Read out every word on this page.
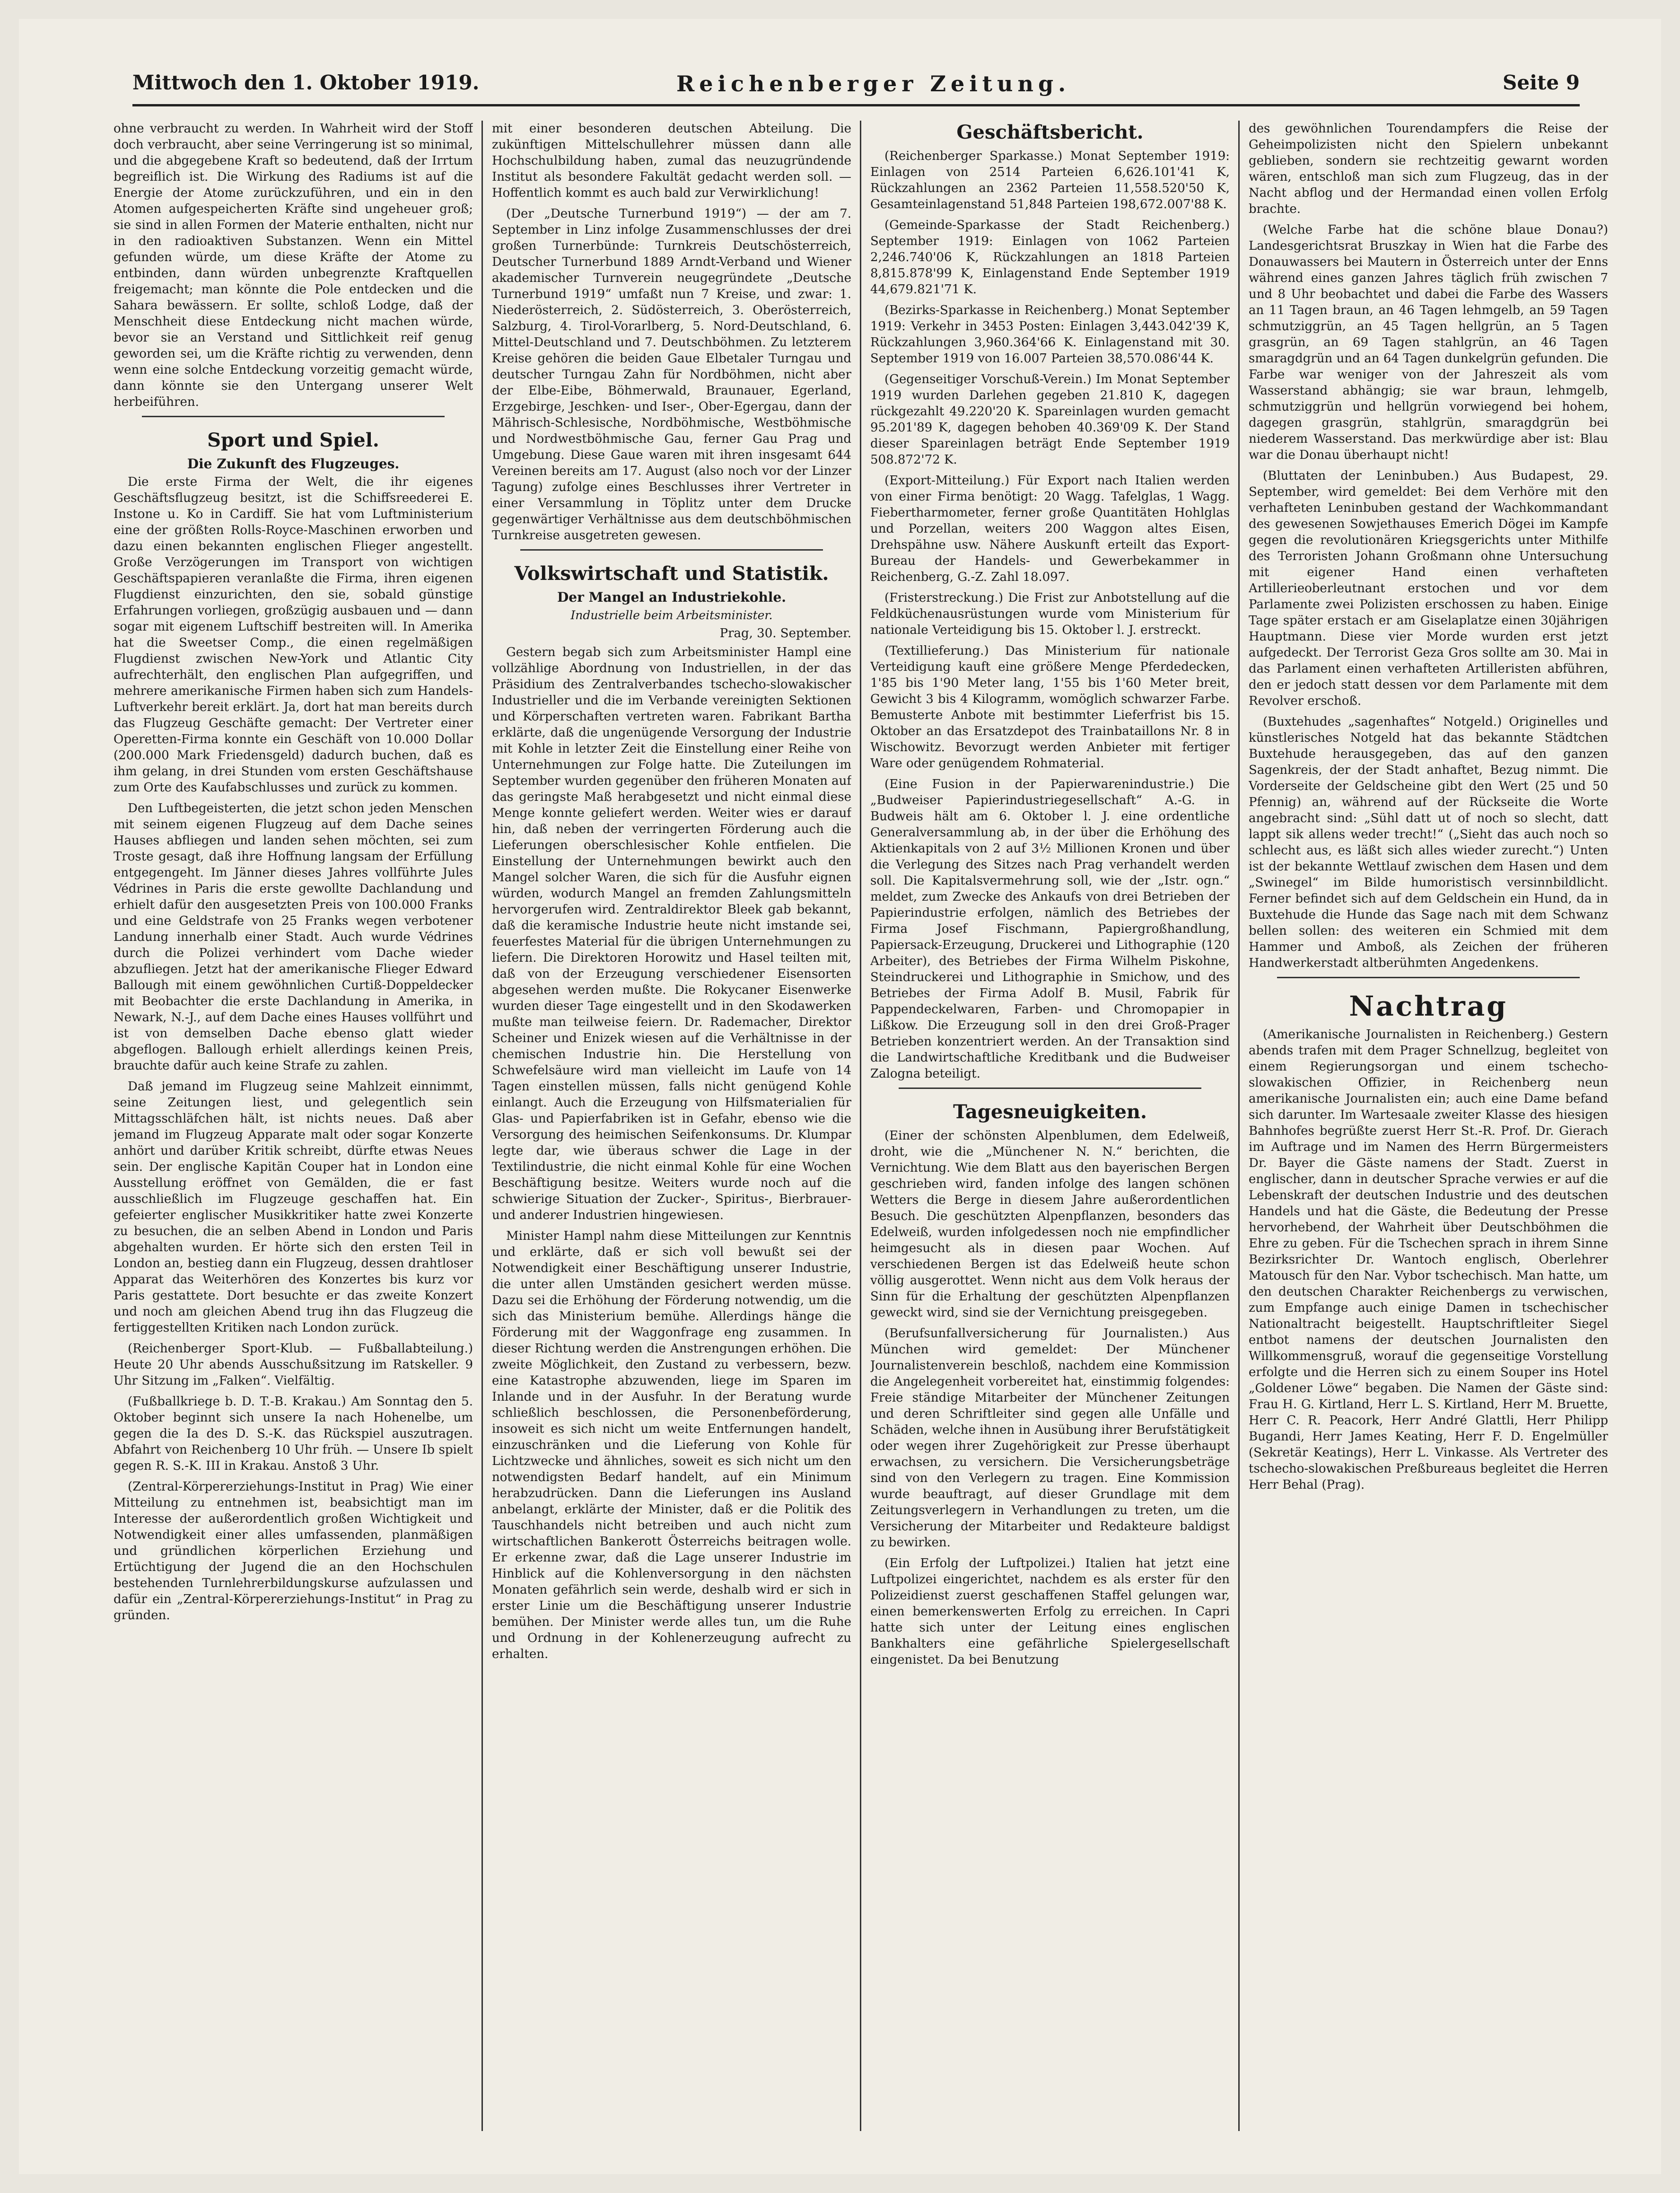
Mittwoch den 1. Oktober 1919.	Reichenberger Zeitung.	Seite 9

ohne verbraucht zu werden. In Wahrheit wird der Stoff doch verbraucht, aber seine Verringerung ist so minimal, und die abgegebene Kraft so bedeutend, daß der Irrtum begreiflich ist. Die Wirkung des Radiums ist auf die Energie der Atome zurückzuführen, und ein in den Atomen aufgespeicherten Kräfte sind ungeheuer groß; sie sind in allen Formen der Materie enthalten, nicht nur in den radioaktiven Substanzen. Wenn ein Mittel gefunden würde, um diese Kräfte der Atome zu entbinden, dann würden unbegrenzte Kraftquellen freigemacht; man könnte die Pole entdecken und die Sahara bewässern. Er sollte, schloß Lodge, daß der Menschheit diese Entdeckung nicht machen würde, bevor sie an Verstand und Sittlichkeit reif genug geworden sei, um die Kräfte richtig zu verwenden, denn wenn eine solche Entdeckung vorzeitig gemacht würde, dann könnte sie den Untergang unserer Welt herbeiführen.

Sport und Spiel.
Die Zukunft des Flugzeuges.

Die erste Firma der Welt, die ihr eigenes Geschäftsflugzeug besitzt, ist die Schiffsreederei E. Instone u. Ko in Cardiff. Sie hat vom Luftministerium eine der größten Rolls-Royce-Maschinen erworben und dazu einen bekannten englischen Flieger angestellt. Große Verzögerungen im Transport von wichtigen Geschäftspapieren veranlaßte die Firma, ihren eigenen Flugdienst einzurichten, den sie, sobald günstige Erfahrungen vorliegen, großzügig ausbauen und — dann sogar mit eigenem Luftschiff bestreiten will. In Amerika hat die Sweetser Comp., die einen regelmäßigen Flugdienst zwischen New-York und Atlantic City aufrechterhält, den englischen Plan aufgegriffen, und mehrere amerikanische Firmen haben sich zum Handels-Luftverkehr bereit erklärt. Ja, dort hat man bereits durch das Flugzeug Geschäfte gemacht: Der Vertreter einer Operetten-Firma konnte ein Geschäft von 10.000 Dollar (200.000 Mark Friedensgeld) dadurch buchen, daß es ihm gelang, in drei Stunden vom ersten Geschäftshause zum Orte des Kaufabschlusses und zurück zu kommen.

Den Luftbegeisterten, die jetzt schon jeden Menschen mit seinem eigenen Flugzeug auf dem Dache seines Hauses abfliegen und landen sehen möchten, sei zum Troste gesagt, daß ihre Hoffnung langsam der Erfüllung entgegengeht. Im Jänner dieses Jahres vollführte Jules Védrines in Paris die erste gewollte Dachlandung und erhielt dafür den ausgesetzten Preis von 100.000 Franks und eine Geldstrafe von 25 Franks wegen verbotener Landung innerhalb einer Stadt. Auch wurde Védrines durch die Polizei verhindert vom Dache wieder abzufliegen. Jetzt hat der amerikanische Flieger Edward Ballough mit einem gewöhnlichen Curtiß-Doppeldecker mit Beobachter die erste Dachlandung in Amerika, in Newark, N.-J., auf dem Dache eines Hauses vollführt und ist von demselben Dache ebenso glatt wieder abgeflogen. Ballough erhielt allerdings keinen Preis, brauchte dafür auch keine Strafe zu zahlen.

Daß jemand im Flugzeug seine Mahlzeit einnimmt, seine Zeitungen liest, und gelegentlich sein Mittagsschläfchen hält, ist nichts neues. Daß aber jemand im Flugzeug Apparate malt oder sogar Konzerte anhört und darüber Kritik schreibt, dürfte etwas Neues sein. Der englische Kapitän Couper hat in London eine Ausstellung eröffnet von Gemälden, die er fast ausschließlich im Flugzeuge geschaffen hat. Ein gefeierter englischer Musikkritiker hatte zwei Konzerte zu besuchen, die an selben Abend in London und Paris abgehalten wurden. Er hörte sich den ersten Teil in London an, bestieg dann ein Flugzeug, dessen drahtloser Apparat das Weiterhören des Konzertes bis kurz vor Paris gestattete. Dort besuchte er das zweite Konzert und noch am gleichen Abend trug ihn das Flugzeug die fertiggestellten Kritiken nach London zurück.

(Reichenberger Sport-Klub. — Fußballabteilung.) Heute 20 Uhr abends Ausschußsitzung im Ratskeller. 9 Uhr Sitzung im „Falken“. Vielfältig.

(Fußballkriege b. D. T.-B. Krakau.) Am Sonntag den 5. Oktober beginnt sich unsere Ia nach Hohenelbe, um gegen die Ia des D. S.-K. das Rückspiel auszutragen. Abfahrt von Reichenberg 10 Uhr früh. — Unsere Ib spielt gegen R. S.-K. III in Krakau. Anstoß 3 Uhr.

(Zentral-Körpererziehungs-Institut in Prag) Wie einer Mitteilung zu entnehmen ist, beabsichtigt man im Interesse der außerordentlich großen Wichtigkeit und Notwendigkeit einer alles umfassenden, planmäßigen und gründlichen körperlichen Erziehung und Ertüchtigung der Jugend die an den Hochschulen bestehenden Turnlehrerbildungskurse aufzulassen und dafür ein „Zentral-Körpererziehungs-Institut“ in Prag zu gründen.

mit einer besonderen deutschen Abteilung. Die zukünftigen Mittelschullehrer müssen dann alle Hochschulbildung haben, zumal das neuzugründende Institut als besondere Fakultät gedacht werden soll. — Hoffentlich kommt es auch bald zur Verwirklichung!

(Der „Deutsche Turnerbund 1919“) — der am 7. September in Linz infolge Zusammenschlusses der drei großen Turnerbünde: Turnkreis Deutschösterreich, Deutscher Turnerbund 1889 Arndt-Verband und Wiener akademischer Turnverein neugegründete „Deutsche Turnerbund 1919“ umfaßt nun 7 Kreise, und zwar: 1. Niederösterreich, 2. Südösterreich, 3. Oberösterreich, Salzburg, 4. Tirol-Vorarlberg, 5. Nord-Deutschland, 6. Mittel-Deutschland und 7. Deutschböhmen. Zu letzterem Kreise gehören die beiden Gaue Elbetaler Turngau und deutscher Turngau Zahn für Nordböhmen, nicht aber der Elbe-Eibe, Böhmerwald, Braunauer, Egerland, Erzgebirge, Jeschken- und Iser-, Ober-Egergau, dann der Mährisch-Schlesische, Nordböhmische, Westböhmische und Nordwestböhmische Gau, ferner Gau Prag und Umgebung. Diese Gaue waren mit ihren insgesamt 644 Vereinen bereits am 17. August (also noch vor der Linzer Tagung) zufolge eines Beschlusses ihrer Vertreter in einer Versammlung in Töplitz unter dem Drucke gegenwärtiger Verhältnisse aus dem deutschböhmischen Turnkreise ausgetreten gewesen.

Volkswirtschaft und Statistik.
Der Mangel an Industriekohle.
Industrielle beim Arbeitsminister.
Prag, 30. September.

Gestern begab sich zum Arbeitsminister Hampl eine vollzählige Abordnung von Industriellen, in der das Präsidium des Zentralverbandes tschecho-slowakischer Industrieller und die im Verbande vereinigten Sektionen und Körperschaften vertreten waren. Fabrikant Bartha erklärte, daß die ungenügende Versorgung der Industrie mit Kohle in letzter Zeit die Einstellung einer Reihe von Unternehmungen zur Folge hatte. Die Zuteilungen im September wurden gegenüber den früheren Monaten auf das geringste Maß herabgesetzt und nicht einmal diese Menge konnte geliefert werden. Weiter wies er darauf hin, daß neben der verringerten Förderung auch die Lieferungen oberschlesischer Kohle entfielen. Die Einstellung der Unternehmungen bewirkt auch den Mangel solcher Waren, die sich für die Ausfuhr eignen würden, wodurch Mangel an fremden Zahlungsmitteln hervorgerufen wird. Zentraldirektor Bleek gab bekannt, daß die keramische Industrie heute nicht imstande sei, feuerfestes Material für die übrigen Unternehmungen zu liefern. Die Direktoren Horowitz und Hasel teilten mit, daß von der Erzeugung verschiedener Eisensorten abgesehen werden mußte. Die Rokycaner Eisenwerke wurden dieser Tage eingestellt und in den Skodawerken mußte man teilweise feiern. Dr. Rademacher, Direktor Scheiner und Enizek wiesen auf die Verhältnisse in der chemischen Industrie hin. Die Herstellung von Schwefelsäure wird man vielleicht im Laufe von 14 Tagen einstellen müssen, falls nicht genügend Kohle einlangt. Auch die Erzeugung von Hilfsmaterialien für Glas- und Papierfabriken ist in Gefahr, ebenso wie die Versorgung des heimischen Seifenkonsums. Dr. Klumpar legte dar, wie überaus schwer die Lage in der Textilindustrie, die nicht einmal Kohle für eine Wochen Beschäftigung besitze. Weiters wurde noch auf die schwierige Situation der Zucker-, Spiritus-, Bierbrauer- und anderer Industrien hingewiesen.

Minister Hampl nahm diese Mitteilungen zur Kenntnis und erklärte, daß er sich voll bewußt sei der Notwendigkeit einer Beschäftigung unserer Industrie, die unter allen Umständen gesichert werden müsse. Dazu sei die Erhöhung der Förderung notwendig, um die sich das Ministerium bemühe. Allerdings hänge die Förderung mit der Waggonfrage eng zusammen. In dieser Richtung werden die Anstrengungen erhöhen. Die zweite Möglichkeit, den Zustand zu verbessern, bezw. eine Katastrophe abzuwenden, liege im Sparen im Inlande und in der Ausfuhr. In der Beratung wurde schließlich beschlossen, die Personenbeförderung, insoweit es sich nicht um weite Entfernungen handelt, einzuschränken und die Lieferung von Kohle für Lichtzwecke und ähnliches, soweit es sich nicht um den notwendigsten Bedarf handelt, auf ein Minimum herabzudrücken. Dann die Lieferungen ins Ausland anbelangt, erklärte der Minister, daß er die Politik des Tauschhandels nicht betreiben und auch nicht zum wirtschaftlichen Bankerott Österreichs beitragen wolle. Er erkenne zwar, daß die Lage unserer Industrie im Hinblick auf die Kohlenversorgung in den nächsten Monaten gefährlich sein werde, deshalb wird er sich in erster Linie um die Beschäftigung unserer Industrie bemühen. Der Minister werde alles tun, um die Ruhe und Ordnung in der Kohlenerzeugung aufrecht zu erhalten.

Geschäftsbericht.

(Reichenberger Sparkasse.) Monat September 1919: Einlagen von 2514 Parteien 6,626.101'41 K, Rückzahlungen an 2362 Parteien 11,558.520'50 K, Gesamteinlagenstand 51,848 Parteien 198,672.007'88 K.

(Gemeinde-Sparkasse der Stadt Reichenberg.) September 1919: Einlagen von 1062 Parteien 2,246.740'06 K, Rückzahlungen an 1818 Parteien 8,815.878'99 K, Einlagenstand Ende September 1919 44,679.821'71 K.

(Bezirks-Sparkasse in Reichenberg.) Monat September 1919: Verkehr in 3453 Posten: Einlagen 3,443.042'39 K, Rückzahlungen 3,960.364'66 K. Einlagenstand mit 30. September 1919 von 16.007 Parteien 38,570.086'44 K.

(Gegenseitiger Vorschuß-Verein.) Im Monat September 1919 wurden Darlehen gegeben 21.810 K, dagegen rückgezahlt 49.220'20 K. Spareinlagen wurden gemacht 95.201'89 K, dagegen behoben 40.369'09 K. Der Stand dieser Spareinlagen beträgt Ende September 1919 508.872'72 K.

(Export-Mitteilung.) Für Export nach Italien werden von einer Firma benötigt: 20 Wagg. Tafelglas, 1 Wagg. Fiebertharmometer, ferner große Quantitäten Hohlglas und Porzellan, weiters 200 Waggon altes Eisen, Drehspähne usw. Nähere Auskunft erteilt das Export-Bureau der Handels- und Gewerbekammer in Reichenberg, G.-Z. Zahl 18.097.

(Fristerstreckung.) Die Frist zur Anbotstellung auf die Feldküchenausrüstungen wurde vom Ministerium für nationale Verteidigung bis 15. Oktober l. J. erstreckt.

(Textillieferung.) Das Ministerium für nationale Verteidigung kauft eine größere Menge Pferdedecken, 1'85 bis 1'90 Meter lang, 1'55 bis 1'60 Meter breit, Gewicht 3 bis 4 Kilogramm, womöglich schwarzer Farbe. Bemusterte Anbote mit bestimmter Lieferfrist bis 15. Oktober an das Ersatzdepot des Trainbataillons Nr. 8 in Wischowitz. Bevorzugt werden Anbieter mit fertiger Ware oder genügendem Rohmaterial.

(Eine Fusion in der Papierwarenindustrie.) Die „Budweiser Papierindustriegesellschaft“ A.-G. in Budweis hält am 6. Oktober l. J. eine ordentliche Generalversammlung ab, in der über die Erhöhung des Aktienkapitals von 2 auf 3½ Millionen Kronen und über die Verlegung des Sitzes nach Prag verhandelt werden soll. Die Kapitalsvermehrung soll, wie der „Istr. ogn.“ meldet, zum Zwecke des Ankaufs von drei Betrieben der Papierindustrie erfolgen, nämlich des Betriebes der Firma Josef Fischmann, Papiergroßhandlung, Papiersack-Erzeugung, Druckerei und Lithographie (120 Arbeiter), des Betriebes der Firma Wilhelm Piskohne, Steindruckerei und Lithographie in Smichow, und des Betriebes der Firma Adolf B. Musil, Fabrik für Pappendeckelwaren, Farben- und Chromopapier in Lißkow. Die Erzeugung soll in den drei Groß-Prager Betrieben konzentriert werden. An der Transaktion sind die Landwirtschaftliche Kreditbank und die Budweiser Zalogna beteiligt.

Tagesneuigkeiten.

(Einer der schönsten Alpenblumen, dem Edelweiß, droht, wie die „Münchener N. N.“ berichten, die Vernichtung. Wie dem Blatt aus den bayerischen Bergen geschrieben wird, fanden infolge des langen schönen Wetters die Berge in diesem Jahre außerordentlichen Besuch. Die geschützten Alpenpflanzen, besonders das Edelweiß, wurden infolgedessen noch nie empfindlicher heimgesucht als in diesen paar Wochen. Auf verschiedenen Bergen ist das Edelweiß heute schon völlig ausgerottet. Wenn nicht aus dem Volk heraus der Sinn für die Erhaltung der geschützten Alpenpflanzen geweckt wird, sind sie der Vernichtung preisgegeben.

(Berufsunfallversicherung für Journalisten.) Aus München wird gemeldet: Der Münchener Journalistenverein beschloß, nachdem eine Kommission die Angelegenheit vorbereitet hat, einstimmig folgendes: Freie ständige Mitarbeiter der Münchener Zeitungen und deren Schriftleiter sind gegen alle Unfälle und Schäden, welche ihnen in Ausübung ihrer Berufstätigkeit oder wegen ihrer Zugehörigkeit zur Presse überhaupt erwachsen, zu versichern. Die Versicherungsbeträge sind von den Verlegern zu tragen. Eine Kommission wurde beauftragt, auf dieser Grundlage mit dem Zeitungsverlegern in Verhandlungen zu treten, um die Versicherung der Mitarbeiter und Redakteure baldigst zu bewirken.

(Ein Erfolg der Luftpolizei.) Italien hat jetzt eine Luftpolizei eingerichtet, nachdem es als erster für den Polizeidienst zuerst geschaffenen Staffel gelungen war, einen bemerkenswerten Erfolg zu erreichen. In Capri hatte sich unter der Leitung eines englischen Bankhalters eine gefährliche Spielergesellschaft eingenistet. Da bei Benutzung

des gewöhnlichen Tourendampfers die Reise der Geheimpolizisten nicht den Spielern unbekannt geblieben, sondern sie rechtzeitig gewarnt worden wären, entschloß man sich zum Flugzeug, das in der Nacht abflog und der Hermandad einen vollen Erfolg brachte.

(Welche Farbe hat die schöne blaue Donau?) Landesgerichtsrat Bruszkay in Wien hat die Farbe des Donauwassers bei Mautern in Österreich unter der Enns während eines ganzen Jahres täglich früh zwischen 7 und 8 Uhr beobachtet und dabei die Farbe des Wassers an 11 Tagen braun, an 46 Tagen lehmgelb, an 59 Tagen schmutziggrün, an 45 Tagen hellgrün, an 5 Tagen grasgrün, an 69 Tagen stahlgrün, an 46 Tagen smaragdgrün und an 64 Tagen dunkelgrün gefunden. Die Farbe war weniger von der Jahreszeit als vom Wasserstand abhängig; sie war braun, lehmgelb, schmutziggrün und hellgrün vorwiegend bei hohem, dagegen grasgrün, stahlgrün, smaragdgrün bei niederem Wasserstand. Das merkwürdige aber ist: Blau war die Donau überhaupt nicht!

(Bluttaten der Leninbuben.) Aus Budapest, 29. September, wird gemeldet: Bei dem Verhöre mit den verhafteten Leninbuben gestand der Wachkommandant des gewesenen Sowjethauses Emerich Dögei im Kampfe gegen die revolutionären Kriegsgerichts unter Mithilfe des Terroristen Johann Großmann ohne Untersuchung mit eigener Hand einen verhafteten Artillerieoberleutnant erstochen und vor dem Parlamente zwei Polizisten erschossen zu haben. Einige Tage später erstach er am Giselaplatze einen 30jährigen Hauptmann. Diese vier Morde wurden erst jetzt aufgedeckt. Der Terrorist Geza Gros sollte am 30. Mai in das Parlament einen verhafteten Artilleristen abführen, den er jedoch statt dessen vor dem Parlamente mit dem Revolver erschoß.

(Buxtehudes „sagenhaftes“ Notgeld.) Originelles und künstlerisches Notgeld hat das bekannte Städtchen Buxtehude herausgegeben, das auf den ganzen Sagenkreis, der der Stadt anhaftet, Bezug nimmt. Die Vorderseite der Geldscheine gibt den Wert (25 und 50 Pfennig) an, während auf der Rückseite die Worte angebracht sind: „Sühl datt ut of noch so slecht, datt lappt sik allens weder trecht!“ („Sieht das auch noch so schlecht aus, es läßt sich alles wieder zurecht.“) Unten ist der bekannte Wettlauf zwischen dem Hasen und dem „Swinegel“ im Bilde humoristisch versinnbildlicht. Ferner befindet sich auf dem Geldschein ein Hund, da in Buxtehude die Hunde das Sage nach mit dem Schwanz bellen sollen: des weiteren ein Schmied mit dem Hammer und Amboß, als Zeichen der früheren Handwerkerstadt altberühmten Angedenkens.

Nachtrag

(Amerikanische Journalisten in Reichenberg.) Gestern abends trafen mit dem Prager Schnellzug, begleitet von einem Regierungsorgan und einem tschecho-slowakischen Offizier, in Reichenberg neun amerikanische Journalisten ein; auch eine Dame befand sich darunter. Im Wartesaale zweiter Klasse des hiesigen Bahnhofes begrüßte zuerst Herr St.-R. Prof. Dr. Gierach im Auftrage und im Namen des Herrn Bürgermeisters Dr. Bayer die Gäste namens der Stadt. Zuerst in englischer, dann in deutscher Sprache verwies er auf die Lebenskraft der deutschen Industrie und des deutschen Handels und hat die Gäste, die Bedeutung der Presse hervorhebend, der Wahrheit über Deutschböhmen die Ehre zu geben. Für die Tschechen sprach in ihrem Sinne Bezirksrichter Dr. Wantoch englisch, Oberlehrer Matousch für den Nar. Vybor tschechisch. Man hatte, um den deutschen Charakter Reichenbergs zu verwischen, zum Empfange auch einige Damen in tschechischer Nationaltracht beigestellt. Hauptschriftleiter Siegel entbot namens der deutschen Journalisten den Willkommensgruß, worauf die gegenseitige Vorstellung erfolgte und die Herren sich zu einem Souper ins Hotel „Goldener Löwe“ begaben. Die Namen der Gäste sind: Frau H. G. Kirtland, Herr L. S. Kirtland, Herr M. Bruette, Herr C. R. Peacork, Herr André Glattli, Herr Philipp Bugandi, Herr James Keating, Herr F. D. Engelmüller (Sekretär Keatings), Herr L. Vinkasse. Als Vertreter des tschecho-slowakischen Preßbureaus begleitet die Herren Herr Behal (Prag).
